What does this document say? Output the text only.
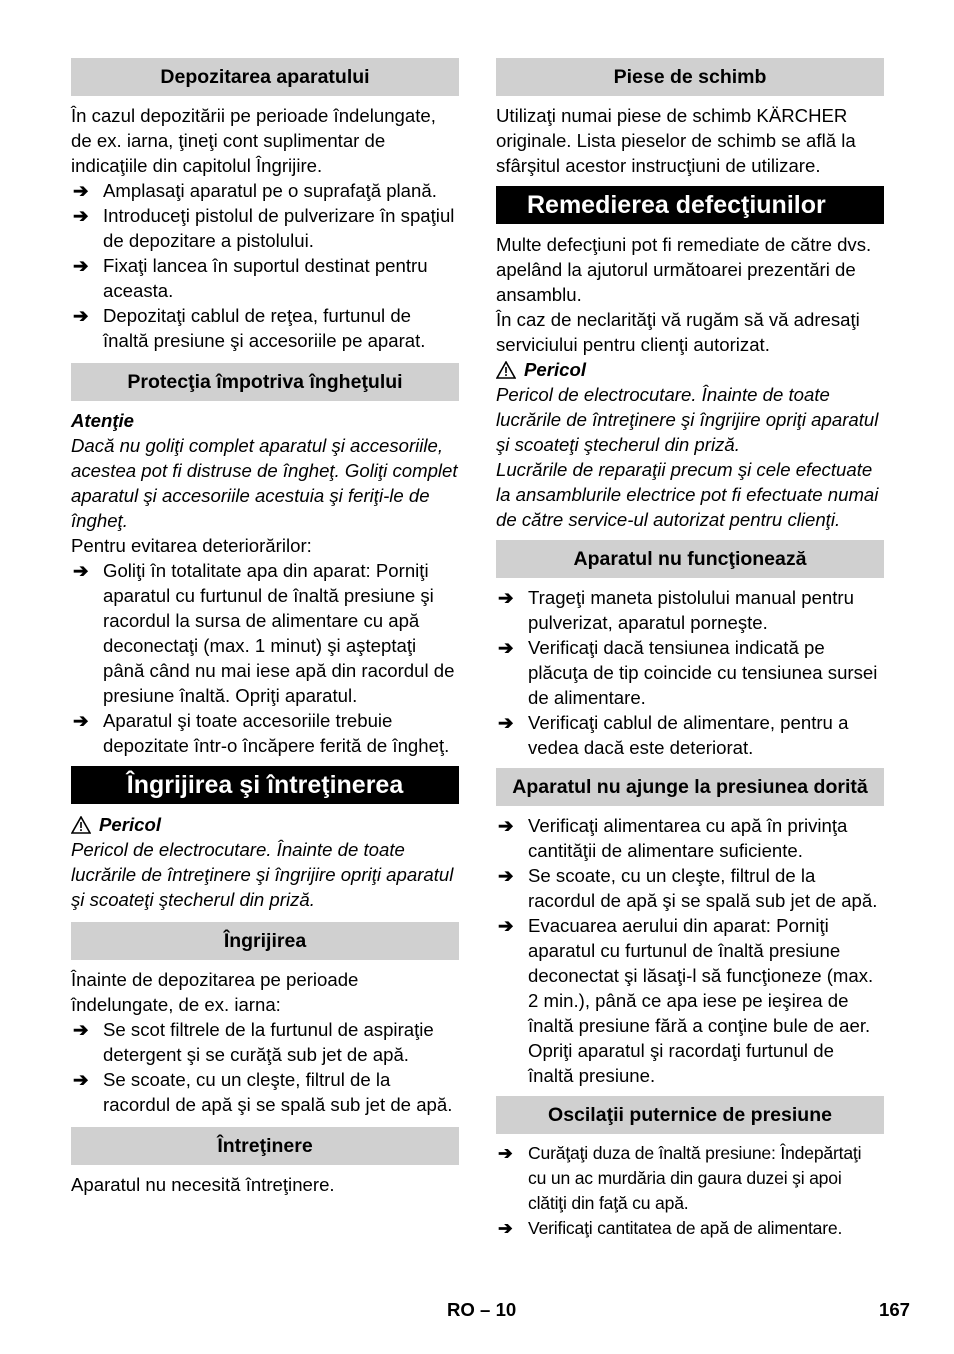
Depozitarea aparatului

În cazul depozitării pe perioade îndelungate, de ex. iarna, ţineţi cont suplimentar de indicaţiile din capitolul Îngrijire.

➔ Amplasaţi aparatul pe o suprafaţă plană.
➔ Introduceţi pistolul de pulverizare în spaţiul de depozitare a pistolului.
➔ Fixaţi lancea în suportul destinat pentru aceasta.
➔ Depozitaţi cablul de reţea, furtunul de înaltă presiune şi accesoriile pe aparat.
Protecţia împotriva îngheţului
Atenţie

Dacă nu goliţi complet aparatul şi accesoriile, acestea pot fi distruse de îngheţ. Goliţi complet aparatul şi accesoriile acestuia şi feriţi-le de îngheţ.

Pentru evitarea deteriorărilor:

➔ Goliţi în totalitate apa din aparat: Porniţi aparatul cu furtunul de înaltă presiune şi racordul la sursa de alimentare cu apă deconectaţi (max. 1 minut) şi aşteptaţi până când nu mai iese apă din racordul de presiune înaltă. Opriţi aparatul.
➔ Aparatul şi toate accesoriile trebuie depozitate într-o încăpere ferită de îngheţ.
Îngrijirea şi întreţinerea
Pericol

Pericol de electrocutare. Înainte de toate lucrările de întreţinere şi îngrijire opriţi aparatul şi scoateţi ştecherul din priză.

Îngrijirea

Înainte de depozitarea pe perioade îndelungate, de ex. iarna:

➔ Se scot filtrele de la furtunul de aspiraţie detergent şi se curăţă sub jet de apă.
➔ Se scoate, cu un cleşte, filtrul de la racordul de apă şi se spală sub jet de apă.
Întreţinere

Aparatul nu necesită întreţinere.

Piese de schimb

Utilizaţi numai piese de schimb KÄRCHER originale. Lista pieselor de schimb se află la sfârşitul acestor instrucţiuni de utilizare.

Remedierea defecţiunilor

Multe defecţiuni pot fi remediate de către dvs. apelând la ajutorul următoarei prezentări de ansamblu.

În caz de neclarităţi vă rugăm să vă adresaţi serviciului pentru clienţi autorizat.

Pericol

Pericol de electrocutare. Înainte de toate lucrările de întreţinere şi îngrijire opriţi aparatul şi scoateţi ştecherul din priză.

Lucrările de reparaţii precum şi cele efectuate la ansamblurile electrice pot fi efectuate numai de către service-ul autorizat pentru clienţi.

Aparatul nu funcţionează
➔ Trageţi maneta pistolului manual pentru pulverizat, aparatul porneşte.
➔ Verificaţi dacă tensiunea indicată pe plăcuţa de tip coincide cu tensiunea sursei de alimentare.
➔ Verificaţi cablul de alimentare, pentru a vedea dacă este deteriorat.
Aparatul nu ajunge la presiunea dorită
➔ Verificaţi alimentarea cu apă în privinţa cantităţii de alimentare suficiente.
➔ Se scoate, cu un cleşte, filtrul de la racordul de apă şi se spală sub jet de apă.
➔ Evacuarea aerului din aparat: Porniţi aparatul cu furtunul de înaltă presiune deconectat şi lăsaţi-l să funcţioneze (max. 2 min.), până ce apa iese pe ieşirea de înaltă presiune fără a conţine bule de aer. Opriţi aparatul şi racordaţi furtunul de înaltă presiune.
Oscilaţii puternice de presiune
➔ Curăţaţi duza de înaltă presiune: Îndepărtaţi cu un ac murdăria din gaura duzei şi apoi clătiţi din faţă cu apă.
➔ Verificaţi cantitatea de apă de alimentare.
RO – 10	167
